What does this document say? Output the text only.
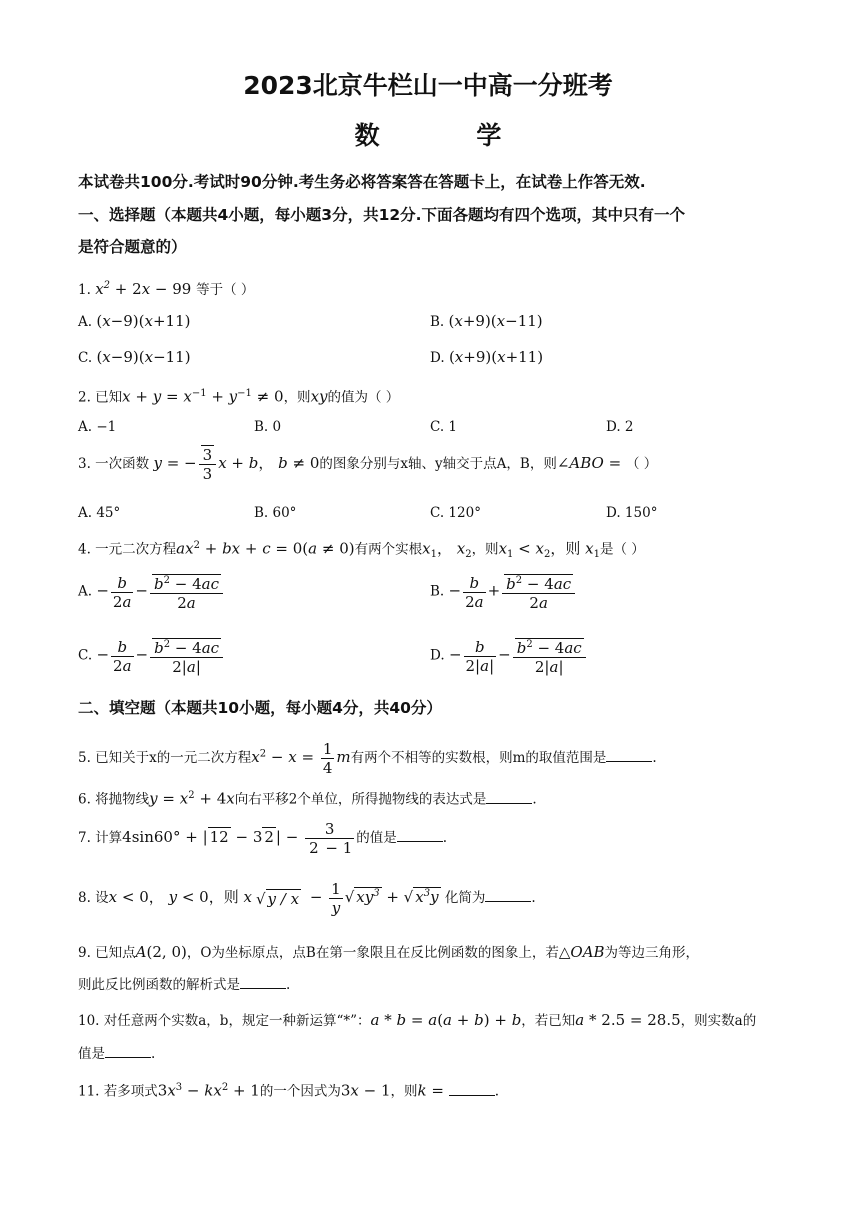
2023北京牛栏山一中高一分班考
数 学
本试卷共100分.考试时90分钟.考生务必将答案答在答题卡上，在试卷上作答无效.
一、选择题（本题共4小题，每小题3分，共12分.下面各题均有四个选项，其中只有一个
是符合题意的）
1. $x^2 + 2x - 99$ 等于（ ）
A. (x−9)(x+11)	B. (x+9)(x−11)
C. (x−9)(x−11)	D. (x+9)(x+11)
2. 已知$x + y = x^{-1} + y^{-1} \ne 0$，则xy的值为（ ）
A. −1	B. 0	C. 1	D. 2
3. 一次函数 y = − $\frac{3}{3}$ x + b， b ≠ 0的图象分别与x轴、y轴交于点A，B，则∠ABO = （ ）
A. 45°	B. 60°	C. 120°	D. 150°
4. 一元二次方程$ax^2$ + bx + c = 0(a ≠ 0)有两个实根$x_1$， $x_2$，则$x_1 < x_2$，则 $x_1$是（ ）
A. − $\frac{b}{2a} - \frac{b^2 - 4ac}{2a}$	B. − $\frac{b}{2a} + \frac{b^2 - 4ac}{2a}$
C. − $\frac{b}{2a} - \frac{b^2 - 4ac}{2|a|}$	D. − $\frac{b}{2|a|} - \frac{b^2 - 4ac}{2|a|}$
二、填空题（本题共10小题，每小题4分，共40分）
5. 已知关于x的一元二次方程$x^2 - x = \frac{1}{4}$ m有两个不相等的实数根，则m的取值范围是	.
6. 将抛物线$y = x^2 + 4x$向右平移2个单位，所得抛物线的表达式是	.
7. 计算4sin60° + | 12 − 3 2 | − $\frac{3}{2 - 1}$ 的值是	.
8. 设x < 0， y < 0，则 x √ $y / x - \frac{1}{y}$ √ $xy^3$ + √ $x^3y$ 化简为	.
9. 已知点A(2, 0)，O为坐标原点，点B在第一象限且在反比例函数的图象上，若△OAB为等边三角形，
则此反比例函数的解析式是	.
10. 对任意两个实数a，b，规定一种新运算“*”：a * b = a(a + b) + b，若已知a * 2.5 = 28.5，则实数a的
值是	.
11. 若多项式$3x^3 - kx^2 + 1$的一个因式为3x − 1，则k =	.
